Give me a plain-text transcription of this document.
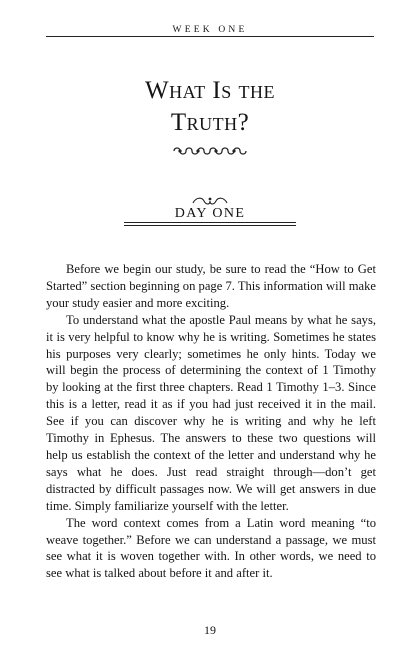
WEEK ONE
What Is the
Truth?
DAY ONE

Before we begin our study, be sure to read the “How to Get Started” section beginning on page 7. This information will make your study easier and more exciting.

To understand what the apostle Paul means by what he says, it is very helpful to know why he is writing. Sometimes he states his purposes very clearly; sometimes he only hints. Today we will begin the process of determining the context of 1 Timothy by looking at the first three chapters. Read 1 Timothy 1–3. Since this is a letter, read it as if you had just received it in the mail. See if you can discover why he is writing and why he left Timothy in Ephesus. The answers to these two questions will help us establish the context of the letter and understand why he says what he does. Just read straight through—don’t get distracted by difficult passages now. We will get answers in due time. Simply familiarize yourself with the letter.

The word context comes from a Latin word meaning “to weave together.” Before we can understand a passage, we must see what it is woven together with. In other words, we need to see what is talked about before it and after it.

19
